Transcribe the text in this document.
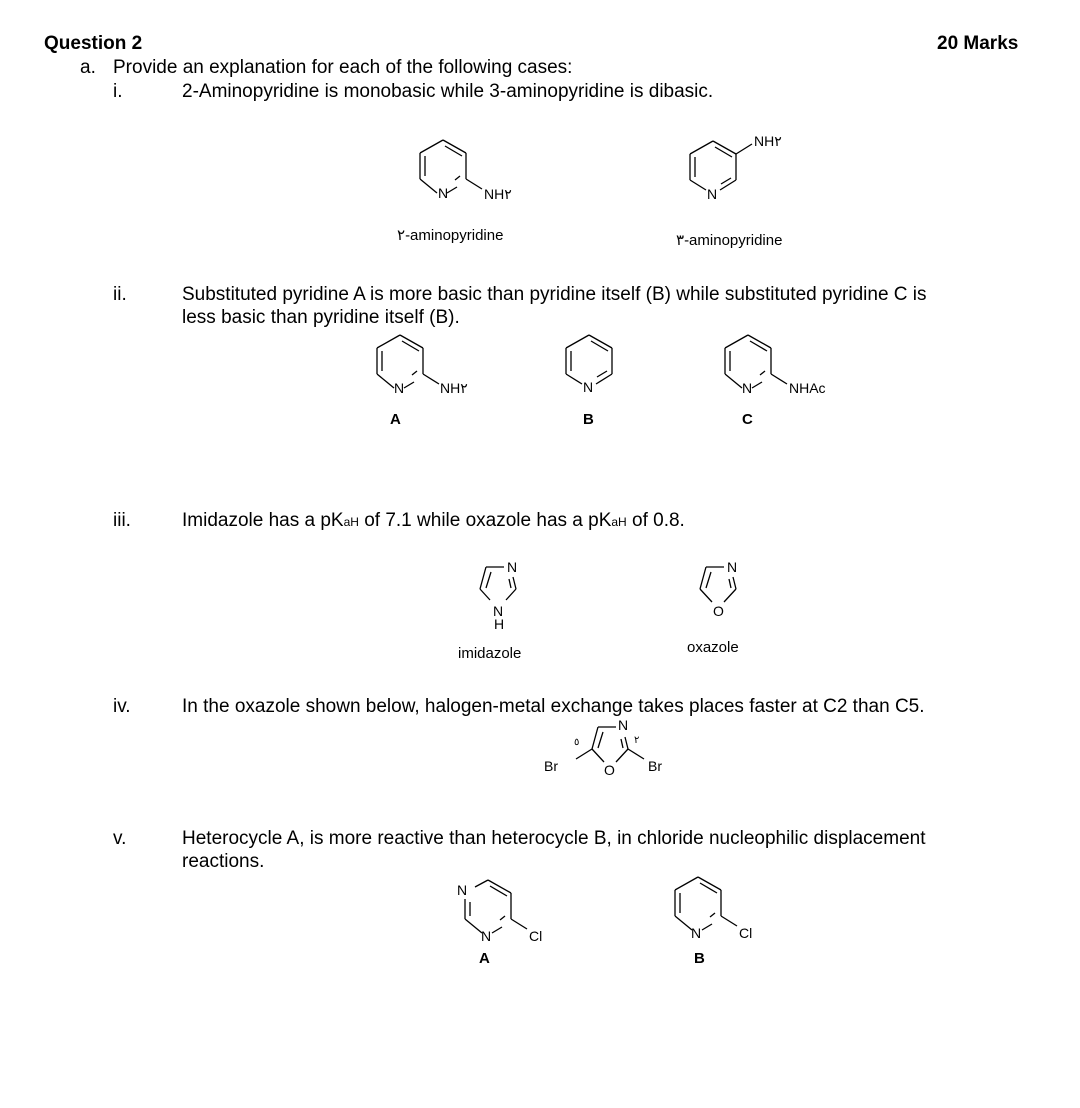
Question 2	20 Marks
a. Provide an explanation for each of the following cases:
i.	2-Aminopyridine is monobasic while 3-aminopyridine is dibasic.
N	NH٢
٢-aminopyridine
N
NH٢
٣-aminopyridine
ii.	Substituted pyridine A is more basic than pyridine itself (B) while substituted pyridine C is
less basic than pyridine itself (B).
N	NH٢
A
N
B
N	NHAc
C
iii.	Imidazole has a pKaH of 7.1 while oxazole has a pKaH of 0.8.
N
N
H
imidazole
N
O
oxazole
iv.	In the oxazole shown below, halogen-metal exchange takes places faster at C2 than C5.
N
O
Br	Br
٥	٢
v.	Heterocycle A, is more reactive than heterocycle B, in chloride nucleophilic displacement
reactions.
N
N	Cl
A
N	Cl
B
